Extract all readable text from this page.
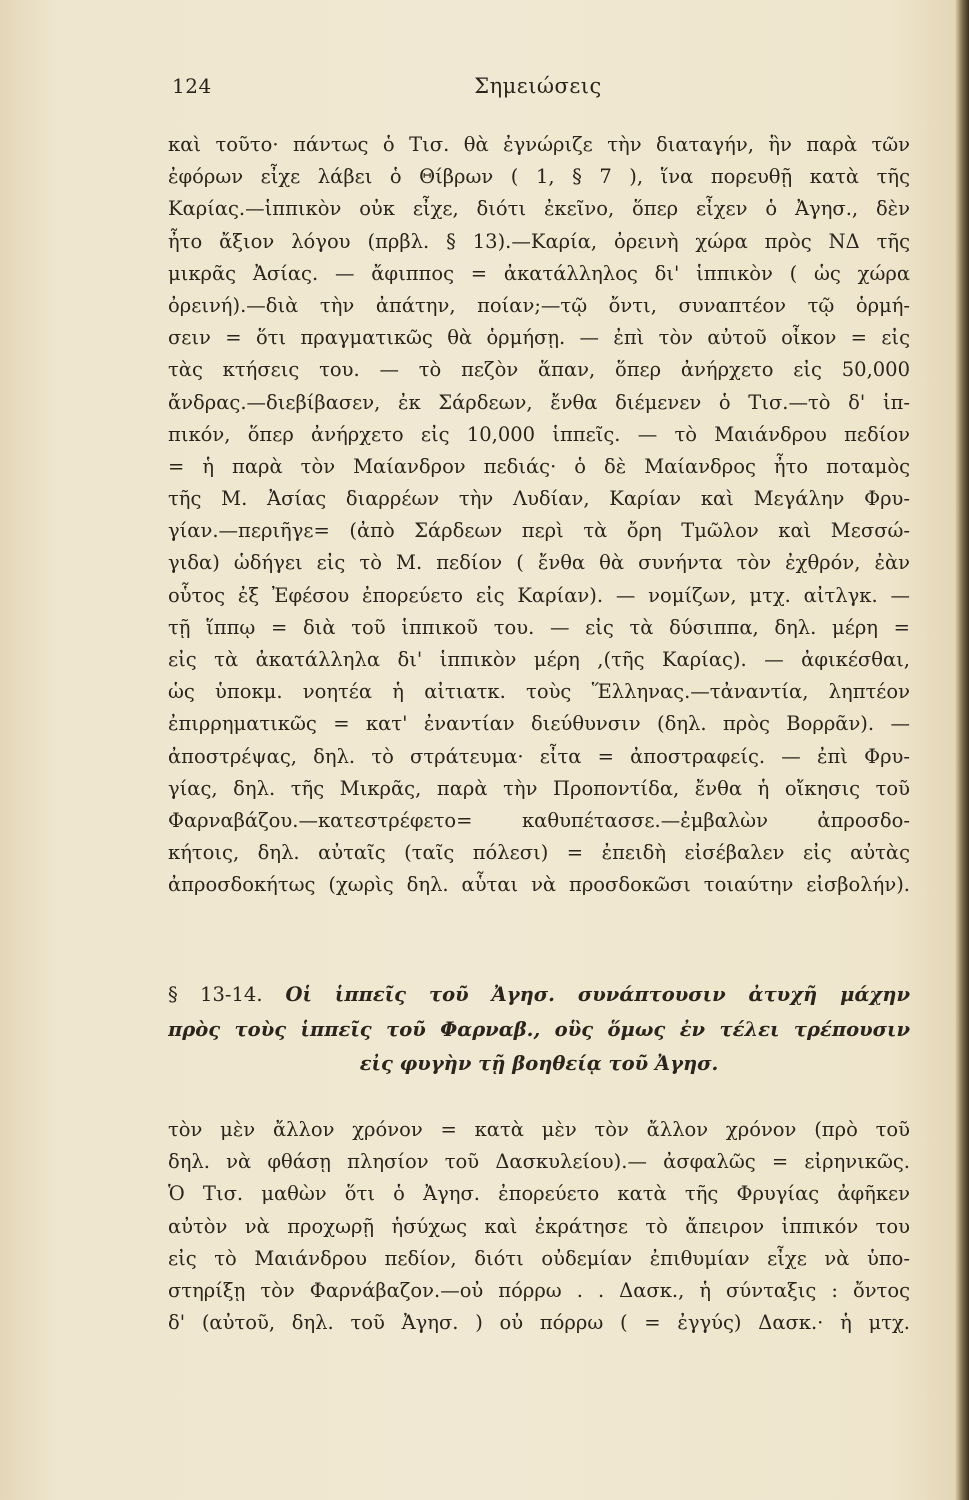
124	Σημειώσεις
καὶ τοῦτο· πάντως ὁ Τισ. θὰ ἐγνώριζε τὴν διαταγήν, ἣν παρὰ τῶν
ἐφόρων εἶχε λάβει ὁ Θίβρων ( 1, § 7 ), ἵνα πορευθῇ κατὰ τῆς
Καρίας.—ἱππικὸν οὐκ εἶχε, διότι ἐκεῖνο, ὅπερ εἶχεν ὁ Ἀγησ., δὲν
ἦτο ἄξιον λόγου (πρβλ. § 13).—Καρία, ὀρεινὴ χώρα πρὸς ΝΔ τῆς
μικρᾶς Ἀσίας. — ἄφιππος = ἀκατάλληλος δι' ἱππικὸν ( ὡς χώρα
ὀρεινή).—διὰ τὴν ἀπάτην, ποίαν;—τῷ ὄντι, συναπτέον τῷ ὁρμή-
σειν = ὅτι πραγματικῶς θὰ ὁρμήσῃ. — ἐπὶ τὸν αὐτοῦ οἶκον = εἰς
τὰς κτήσεις του. — τὸ πεζὸν ἅπαν, ὅπερ ἀνήρχετο εἰς 50,000
ἄνδρας.—διεβίβασεν, ἐκ Σάρδεων, ἔνθα διέμενεν ὁ Τισ.—τὸ δ' ἱπ-
πικόν, ὅπερ ἀνήρχετο εἰς 10,000 ἱππεῖς. — τὸ Μαιάνδρου πεδίον
= ἡ παρὰ τὸν Μαίανδρον πεδιάς· ὁ δὲ Μαίανδρος ἦτο ποταμὸς
τῆς Μ. Ἀσίας διαρρέων τὴν Λυδίαν, Καρίαν καὶ Μεγάλην Φρυ-
γίαν.—περιῆγε= (ἀπὸ Σάρδεων περὶ τὰ ὄρη Τμῶλον καὶ Μεσσώ-
γιδα) ὡδήγει εἰς τὸ Μ. πεδίον ( ἔνθα θὰ συνήντα τὸν ἐχθρόν, ἐὰν
οὗτος ἐξ Ἐφέσου ἐπορεύετο εἰς Καρίαν). — νομίζων, μτχ. αἰτλγκ. —
τῇ ἵππῳ = διὰ τοῦ ἱππικοῦ του. — εἰς τὰ δύσιππα, δηλ. μέρη =
εἰς τὰ ἀκατάλληλα δι' ἱππικὸν μέρη ,(τῆς Καρίας). — ἀφικέσθαι,
ὡς ὑποκμ. νοητέα ἡ αἰτιατκ. τοὺς Ἕλληνας.—τἀναντία, ληπτέον
ἐπιρρηματικῶς = κατ' ἐναντίαν διεύθυνσιν (δηλ. πρὸς Βορρᾶν). —
ἀποστρέψας, δηλ. τὸ στράτευμα· εἶτα = ἀποστραφείς. — ἐπὶ Φρυ-
γίας, δηλ. τῆς Μικρᾶς, παρὰ τὴν Προποντίδα, ἔνθα ἡ οἴκησις τοῦ
Φαρναβάζου.—κατεστρέφετο= καθυπέτασσε.—ἐμβαλὼν ἀπροσδο-
κήτοις, δηλ. αὐταῖς (ταῖς πόλεσι) = ἐπειδὴ εἰσέβαλεν εἰς αὐτὰς
ἀπροσδοκήτως (χωρὶς δηλ. αὗται νὰ προσδοκῶσι τοιαύτην εἰσβολήν).
§ 13-14. Οἱ ἱππεῖς τοῦ Ἀγησ. συνάπτουσιν ἀτυχῆ μάχην
πρὸς τοὺς ἱππεῖς τοῦ Φαρναβ., οὓς ὅμως ἐν τέλει τρέπουσιν
εἰς φυγὴν τῇ βοηθείᾳ τοῦ Ἀγησ.
τὸν μὲν ἄλλον χρόνον = κατὰ μὲν τὸν ἄλλον χρόνον (πρὸ τοῦ
δηλ. νὰ φθάσῃ πλησίον τοῦ Δασκυλείου).— ἀσφαλῶς = εἰρηνικῶς.
Ὁ Τισ. μαθὼν ὅτι ὁ Ἀγησ. ἐπορεύετο κατὰ τῆς Φρυγίας ἀφῆκεν
αὐτὸν νὰ προχωρῇ ἡσύχως καὶ ἐκράτησε τὸ ἄπειρον ἱππικόν του
εἰς τὸ Μαιάνδρου πεδίον, διότι οὐδεμίαν ἐπιθυμίαν εἶχε νὰ ὑπο-
στηρίξῃ τὸν Φαρνάβαζον.—οὐ πόρρω . . Δασκ., ἡ σύνταξις : ὄντος
δ' (αὐτοῦ, δηλ. τοῦ Ἀγησ. ) οὐ πόρρω ( = ἐγγύς) Δασκ.· ἡ μτχ.
